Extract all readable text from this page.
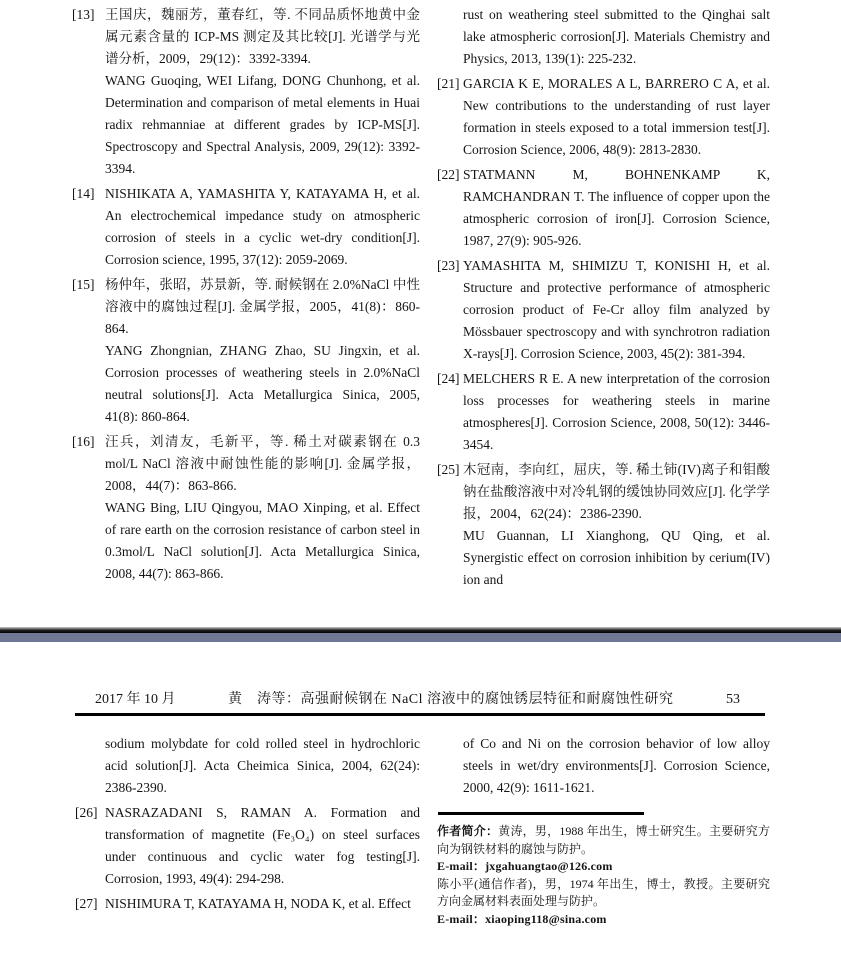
[13] 王国庆，魏丽芳，董春红，等. 不同品质怀地黄中金属元素含量的 ICP-MS 测定及其比较[J]. 光谱学与光谱分析，2009，29(12)：3392-3394.
WANG Guoqing, WEI Lifang, DONG Chunhong, et al. Determination and comparison of metal elements in Huai radix rehmanniae at different grades by ICP-MS[J]. Spectroscopy and Spectral Analysis, 2009, 29(12): 3392-3394.
[14] NISHIKATA A, YAMASHITA Y, KATAYAMA H, et al. An electrochemical impedance study on atmospheric corrosion of steels in a cyclic wet-dry condition[J]. Corrosion science, 1995, 37(12): 2059-2069.
[15] 杨仲年，张昭，苏景新，等. 耐候钢在 2.0%NaCl 中性溶液中的腐蚀过程[J]. 金属学报，2005，41(8)：860-864.
YANG Zhongnian, ZHANG Zhao, SU Jingxin, et al. Corrosion processes of weathering steels in 2.0%NaCl neutral solutions[J]. Acta Metallurgica Sinica, 2005, 41(8): 860-864.
[16] 汪兵，刘清友，毛新平，等. 稀土对碳素钢在 0.3 mol/L NaCl 溶液中耐蚀性能的影响[J]. 金属学报，2008，44(7)：863-866.
WANG Bing, LIU Qingyou, MAO Xinping, et al. Effect of rare earth on the corrosion resistance of carbon steel in 0.3mol/L NaCl solution[J]. Acta Metallurgica Sinica, 2008, 44(7): 863-866.
rust on weathering steel submitted to the Qinghai salt lake atmospheric corrosion[J]. Materials Chemistry and Physics, 2013, 139(1): 225-232.
[21] GARCIA K E, MORALES A L, BARRERO C A, et al. New contributions to the understanding of rust layer formation in steels exposed to a total immersion test[J]. Corrosion Science, 2006, 48(9): 2813-2830.
[22] STATMANN M, BOHNENKAMP K, RAMCHANDRAN T. The influence of copper upon the atmospheric corrosion of iron[J]. Corrosion Science, 1987, 27(9): 905-926.
[23] YAMASHITA M, SHIMIZU T, KONISHI H, et al. Structure and protective performance of atmospheric corrosion product of Fe-Cr alloy film analyzed by Mössbauer spectroscopy and with synchrotron radiation X-rays[J]. Corrosion Science, 2003, 45(2): 381-394.
[24] MELCHERS R E. A new interpretation of the corrosion loss processes for weathering steels in marine atmospheres[J]. Corrosion Science, 2008, 50(12): 3446-3454.
[25] 木冠南，李向红，屈庆，等. 稀土铈(IV)离子和钼酸钠在盐酸溶液中对冷轧钢的缓蚀协同效应[J]. 化学学报，2004，62(24)：2386-2390.
MU Guannan, LI Xianghong, QU Qing, et al. Synergistic effect on corrosion inhibition by cerium(IV) ion and
2017 年 10 月	黄　涛等：高强耐候钢在 NaCl 溶液中的腐蚀锈层特征和耐腐蚀性研究	53
sodium molybdate for cold rolled steel in hydrochloric acid solution[J]. Acta Cheimica Sinica, 2004, 62(24): 2386-2390.
[26] NASRAZADANI S, RAMAN A. Formation and transformation of magnetite (Fe₃O₄) on steel surfaces under continuous and cyclic water fog testing[J]. Corrosion, 1993, 49(4): 294-298.
[27] NISHIMURA T, KATAYAMA H, NODA K, et al. Effect
of Co and Ni on the corrosion behavior of low alloy steels in wet/dry environments[J]. Corrosion Science, 2000, 42(9): 1611-1621.

作者简介：黄涛，男，1988 年出生，博士研究生。主要研究方向为钢铁材料的腐蚀与防护。

E-mail：jxgahuangtao@126.com

陈小平(通信作者)，男，1974 年出生，博士，教授。主要研究方向金属材料表面处理与防护。

E-mail：xiaoping118@sina.com
